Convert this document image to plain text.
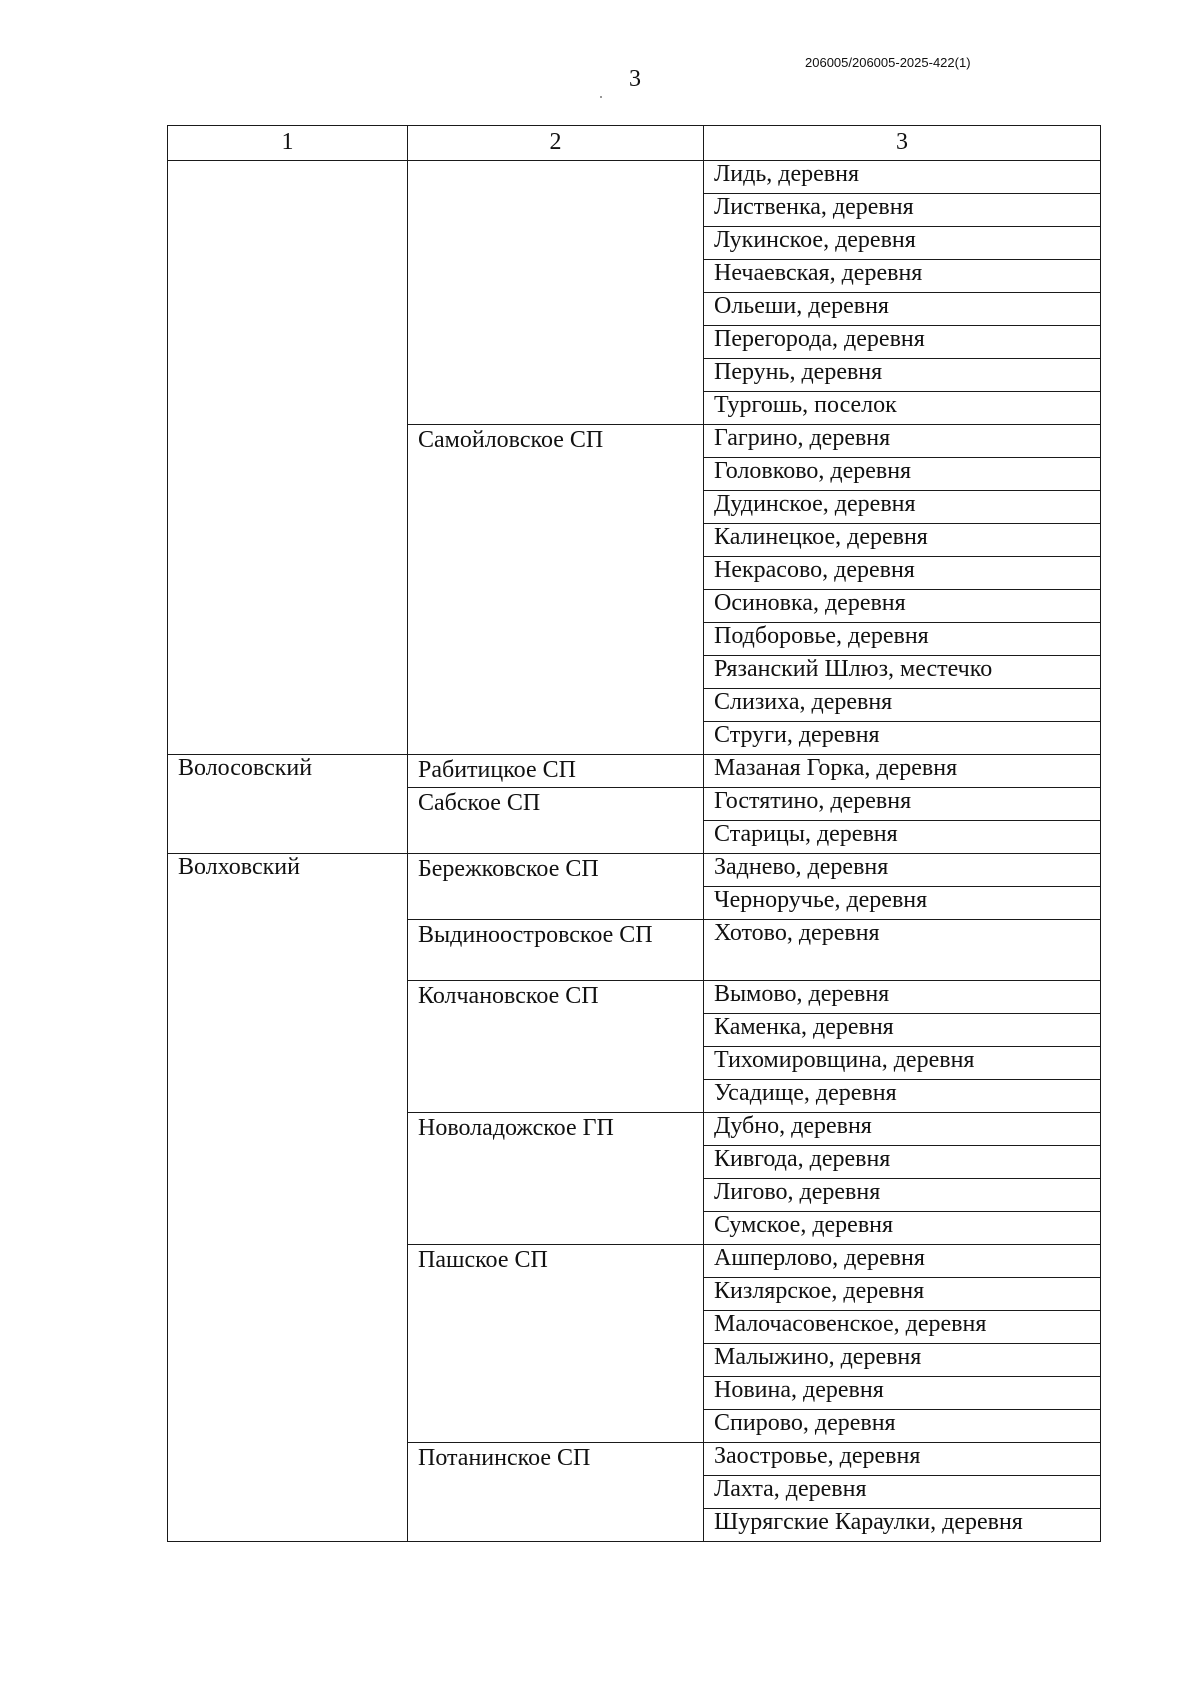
3
206005/206005-2025-422(1)
1	2	3
		Лидь, деревня
		Лиственка, деревня
		Лукинское, деревня
		Нечаевская, деревня
		Ольеши, деревня
		Перегорода, деревня
		Перунь, деревня
		Тургошь, поселок
	Самойловское СП	Гагрино, деревня
		Головково, деревня
		Дудинское, деревня
		Калинецкое, деревня
		Некрасово, деревня
		Осиновка, деревня
		Подборовье, деревня
		Рязанский Шлюз, местечко
		Слизиха, деревня
		Струги, деревня
Волосовский	Рабитицкое СП	Мазаная Горка, деревня
	Сабское СП	Гостятино, деревня
		Старицы, деревня
Волховский	Бережковское СП	Заднево, деревня
		Черноручье, деревня
	Выдиноостровское СП	Хотово, деревня
	Колчановское СП	Вымово, деревня
		Каменка, деревня
		Тихомировщина, деревня
		Усадище, деревня
	Новоладожское ГП	Дубно, деревня
		Кивгода, деревня
		Лигово, деревня
		Сумское, деревня
	Пашское СП	Ашперлово, деревня
		Кизлярское, деревня
		Малочасовенское, деревня
		Малыжино, деревня
		Новина, деревня
		Спирово, деревня
	Потанинское СП	Заострoвье, деревня
		Лахта, деревня
		Шурягские Караулки, деревня
